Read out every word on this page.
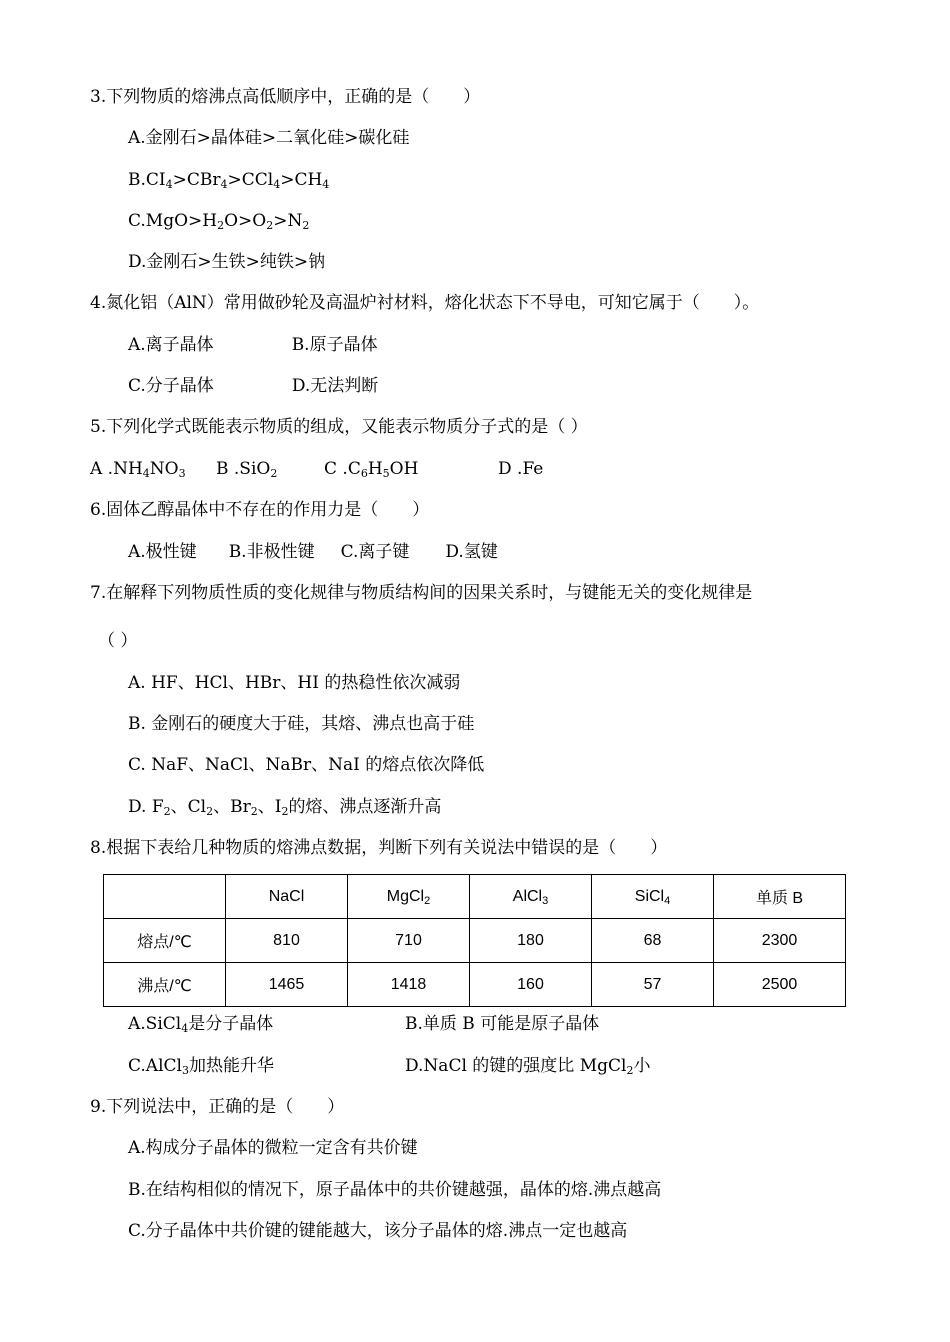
3.下列物质的熔沸点高低顺序中，正确的是（　　）
A.金刚石>晶体硅>二氧化硅>碳化硅
$B.CI_4>CBr_4>CCl_4>CH_4$
$C.MgO>H_2O>O_2>N_2$
D.金刚石>生铁>纯铁>钠
4.氮化铝（AlN）常用做砂轮及高温炉衬材料，熔化状态下不导电，可知它属于（　　）。
A.离子晶体	B.原子晶体
C.分子晶体	D.无法判断
5.下列化学式既能表示物质的组成，又能表示物质分子式的是（ ）
A $.NH_4NO_3$ B .SiO$_2$	C $.C_6H_5OH$	D .Fe
6.固体乙醇晶体中不存在的作用力是（　　）
A.极性键 B.非极性键 C.离子键 D.氢键
7.在解释下列物质性质的变化规律与物质结构间的因果关系时，与键能无关的变化规律是
（ ）
A. HF、HCl、HBr、HI 的热稳性依次减弱
B. 金刚石的硬度大于硅，其熔、沸点也高于硅
C. NaF、NaCl、NaBr、NaI 的熔点依次降低
D. $F_2$、$Cl_2$、$Br_2$、$I_2$的熔、沸点逐渐升高
8.根据下表给几种物质的熔沸点数据，判断下列有关说法中错误的是（　　）
	NaCl	MgCl$_2$	AlCl$_3$	SiCl$_4$	单质 B
熔点/℃	810	710	180	68	2300
沸点/℃	1465	1418	160	57	2500
A.SiCl$_4$是分子晶体	B.单质 B 可能是原子晶体
C.AlCl$_3$加热能升华	D.NaCl 的键的强度比 MgCl$_2$小
9.下列说法中，正确的是（　　）
A.构成分子晶体的微粒一定含有共价键
B.在结构相似的情况下，原子晶体中的共价键越强，晶体的熔.沸点越高
C.分子晶体中共价键的键能越大，该分子晶体的熔.沸点一定也越高
